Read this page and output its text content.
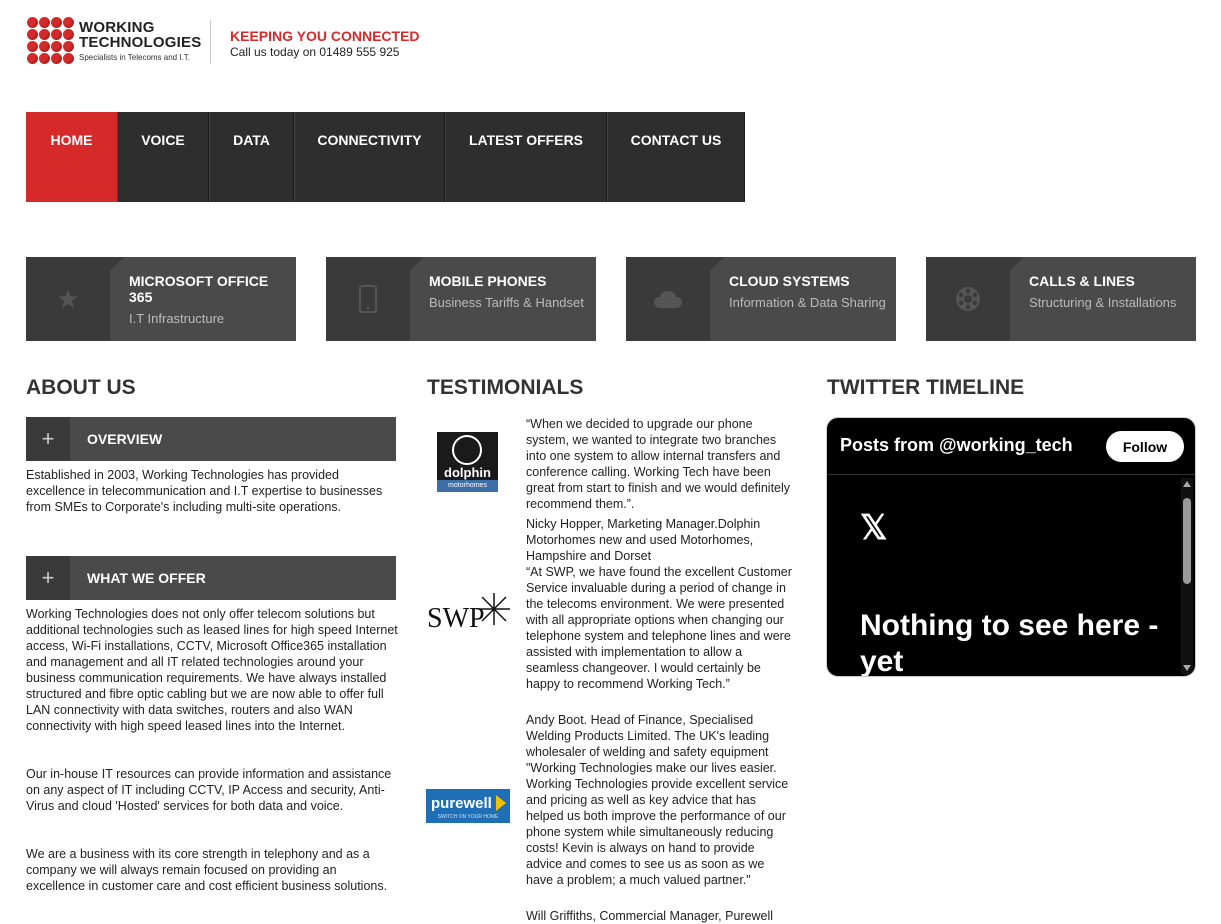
WORKING
TECHNOLOGIES
Specialists in Telecoms and I.T.
KEEPING YOU CONNECTED
Call us today on 01489 555 925
HOME	VOICE	DATA	CONNECTIVITY	LATEST OFFERS	CONTACT US
★
MICROSOFT OFFICE 365
I.T Infrastructure
MOBILE PHONES
Business Tariffs & Handset
CLOUD SYSTEMS
Information & Data Sharing
CALLS & LINES
Structuring & Installations
ABOUT US
+	OVERVIEW
Established in 2003, Working Technologies has provided excellence in telecommunication and I.T expertise to businesses from SMEs to Corporate's including multi-site operations.
+	WHAT WE OFFER
Working Technologies does not only offer telecom solutions but additional technologies such as leased lines for high speed Internet access, Wi-Fi installations, CCTV, Microsoft Office365 installation and management and all IT related technologies around your business communication requirements. We have always installed structured and fibre optic cabling but we are now able to offer full LAN connectivity with data switches, routers and also WAN connectivity with high speed leased lines into the Internet.
Our in-house IT resources can provide information and assistance on any aspect of IT including CCTV, IP Access and security, Anti-Virus and cloud 'Hosted' services for both data and voice.
We are a business with its core strength in telephony and as a company we will always remain focused on providing an excellence in customer care and cost efficient business solutions.
TESTIMONIALS
dolphin
motorhomes
“When we decided to upgrade our phone system, we wanted to integrate two branches into one system to allow internal transfers and conference calling. Working Tech have been great from start to finish and we would definitely recommend them.”.
Nicky Hopper, Marketing Manager.Dolphin Motorhomes new and used Motorhomes, Hampshire and Dorset
SWP
“At SWP, we have found the excellent Customer Service invaluable during a period of change in the telecoms environment. We were presented with all appropriate options when changing our telephone system and telephone lines and were assisted with implementation to allow a seamless changeover. I would certainly be happy to recommend Working Tech.”
Andy Boot. Head of Finance, Specialised Welding Products Limited. The UK's leading wholesaler of welding and safety equipment
purewell
SWITCH ON YOUR HOME
"Working Technologies make our lives easier. Working Technologies provide excellent service and pricing as well as key advice that has helped us both improve the performance of our phone system while simultaneously reducing costs! Kevin is always on hand to provide advice and comes to see us as soon as we have a problem; a much valued partner."
Will Griffiths, Commercial Manager, Purewell
TWITTER TIMELINE
Posts from @working_tech	Follow
𝕏
Nothing to see here - yet
